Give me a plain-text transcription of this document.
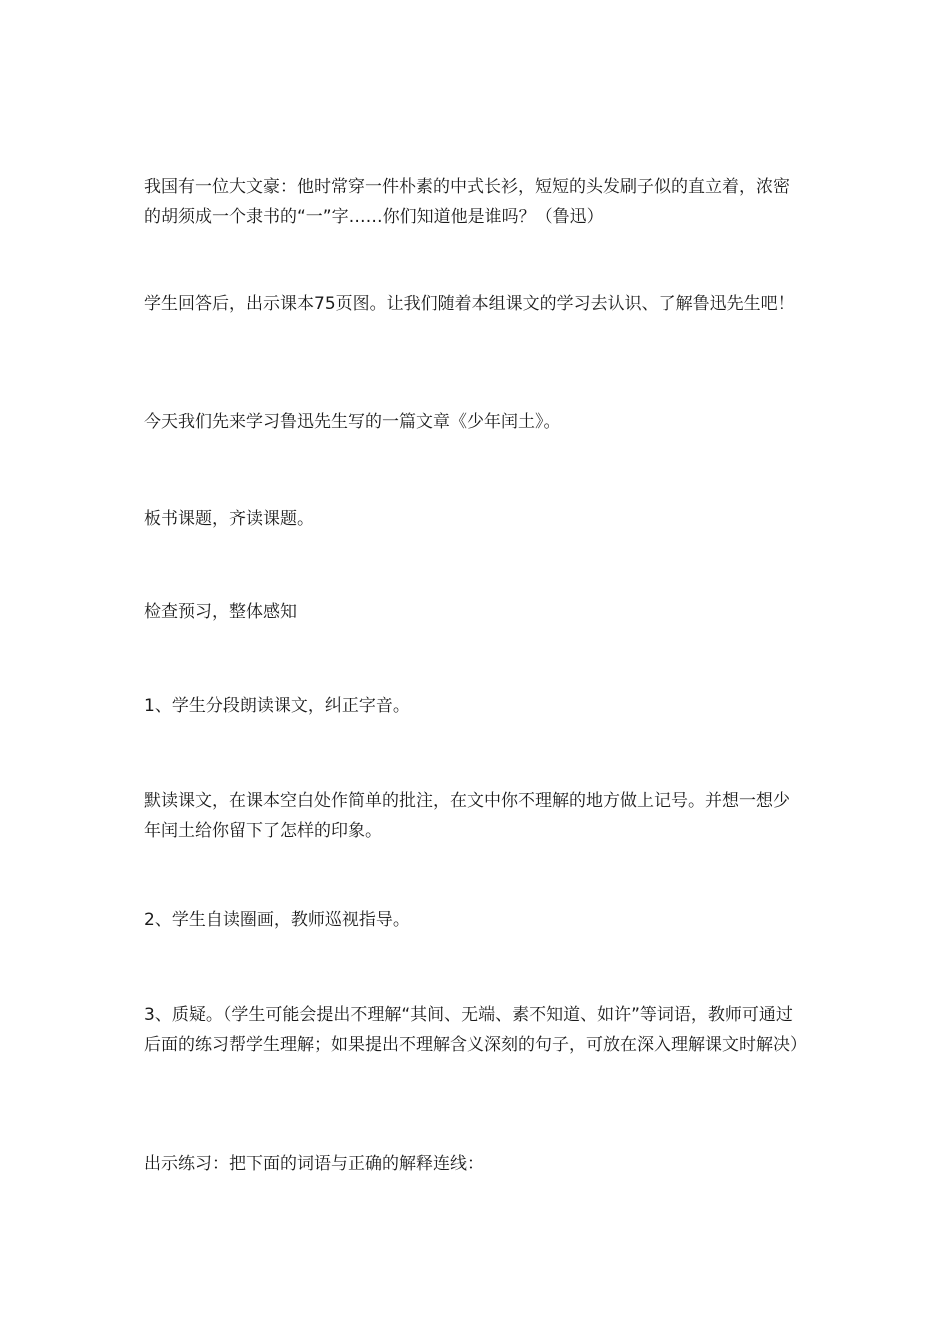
我国有一位大文豪：他时常穿一件朴素的中式长衫，短短的头发刷子似的直立着，浓密的胡须成一个隶书的“一”字……你们知道他是谁吗？（鲁迅）

学生回答后，出示课本75页图。让我们随着本组课文的学习去认识、了解鲁迅先生吧！

今天我们先来学习鲁迅先生写的一篇文章《少年闰土》。

板书课题，齐读课题。

检查预习，整体感知

1、学生分段朗读课文，纠正字音。

默读课文，在课本空白处作简单的批注，在文中你不理解的地方做上记号。并想一想少年闰土给你留下了怎样的印象。

2、学生自读圈画，教师巡视指导。

3、质疑。（学生可能会提出不理解“其间、无端、素不知道、如许”等词语，教师可通过后面的练习帮学生理解；如果提出不理解含义深刻的句子，可放在深入理解课文时解决）

出示练习：把下面的词语与正确的解释连线：
